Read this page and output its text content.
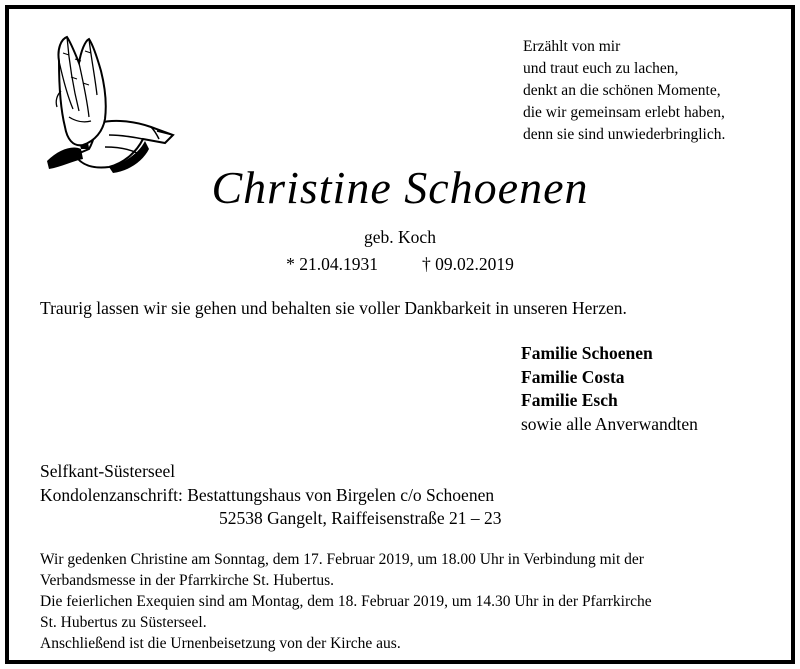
Erzählt von mir
und traut euch zu lachen,
denkt an die schönen Momente,
die wir gemeinsam erlebt haben,
denn sie sind unwiederbringlich.
Christine Schoenen
geb. Koch
* 21.04.1931	† 09.02.2019
Traurig lassen wir sie gehen und behalten sie voller Dankbarkeit in unseren Herzen.
Familie Schoenen
Familie Costa
Familie Esch
sowie alle Anverwandten
Selfkant-Süsterseel
Kondolenzanschrift: Bestattungshaus von Birgelen c/o Schoenen
52538 Gangelt, Raiffeisenstraße 21 – 23
Wir gedenken Christine am Sonntag, dem 17. Februar 2019, um 18.00 Uhr in Verbindung mit der
Verbandsmesse in der Pfarrkirche St. Hubertus.
Die feierlichen Exequien sind am Montag, dem 18. Februar 2019, um 14.30 Uhr in der Pfarrkirche
St. Hubertus zu Süsterseel.
Anschließend ist die Urnenbeisetzung von der Kirche aus.
